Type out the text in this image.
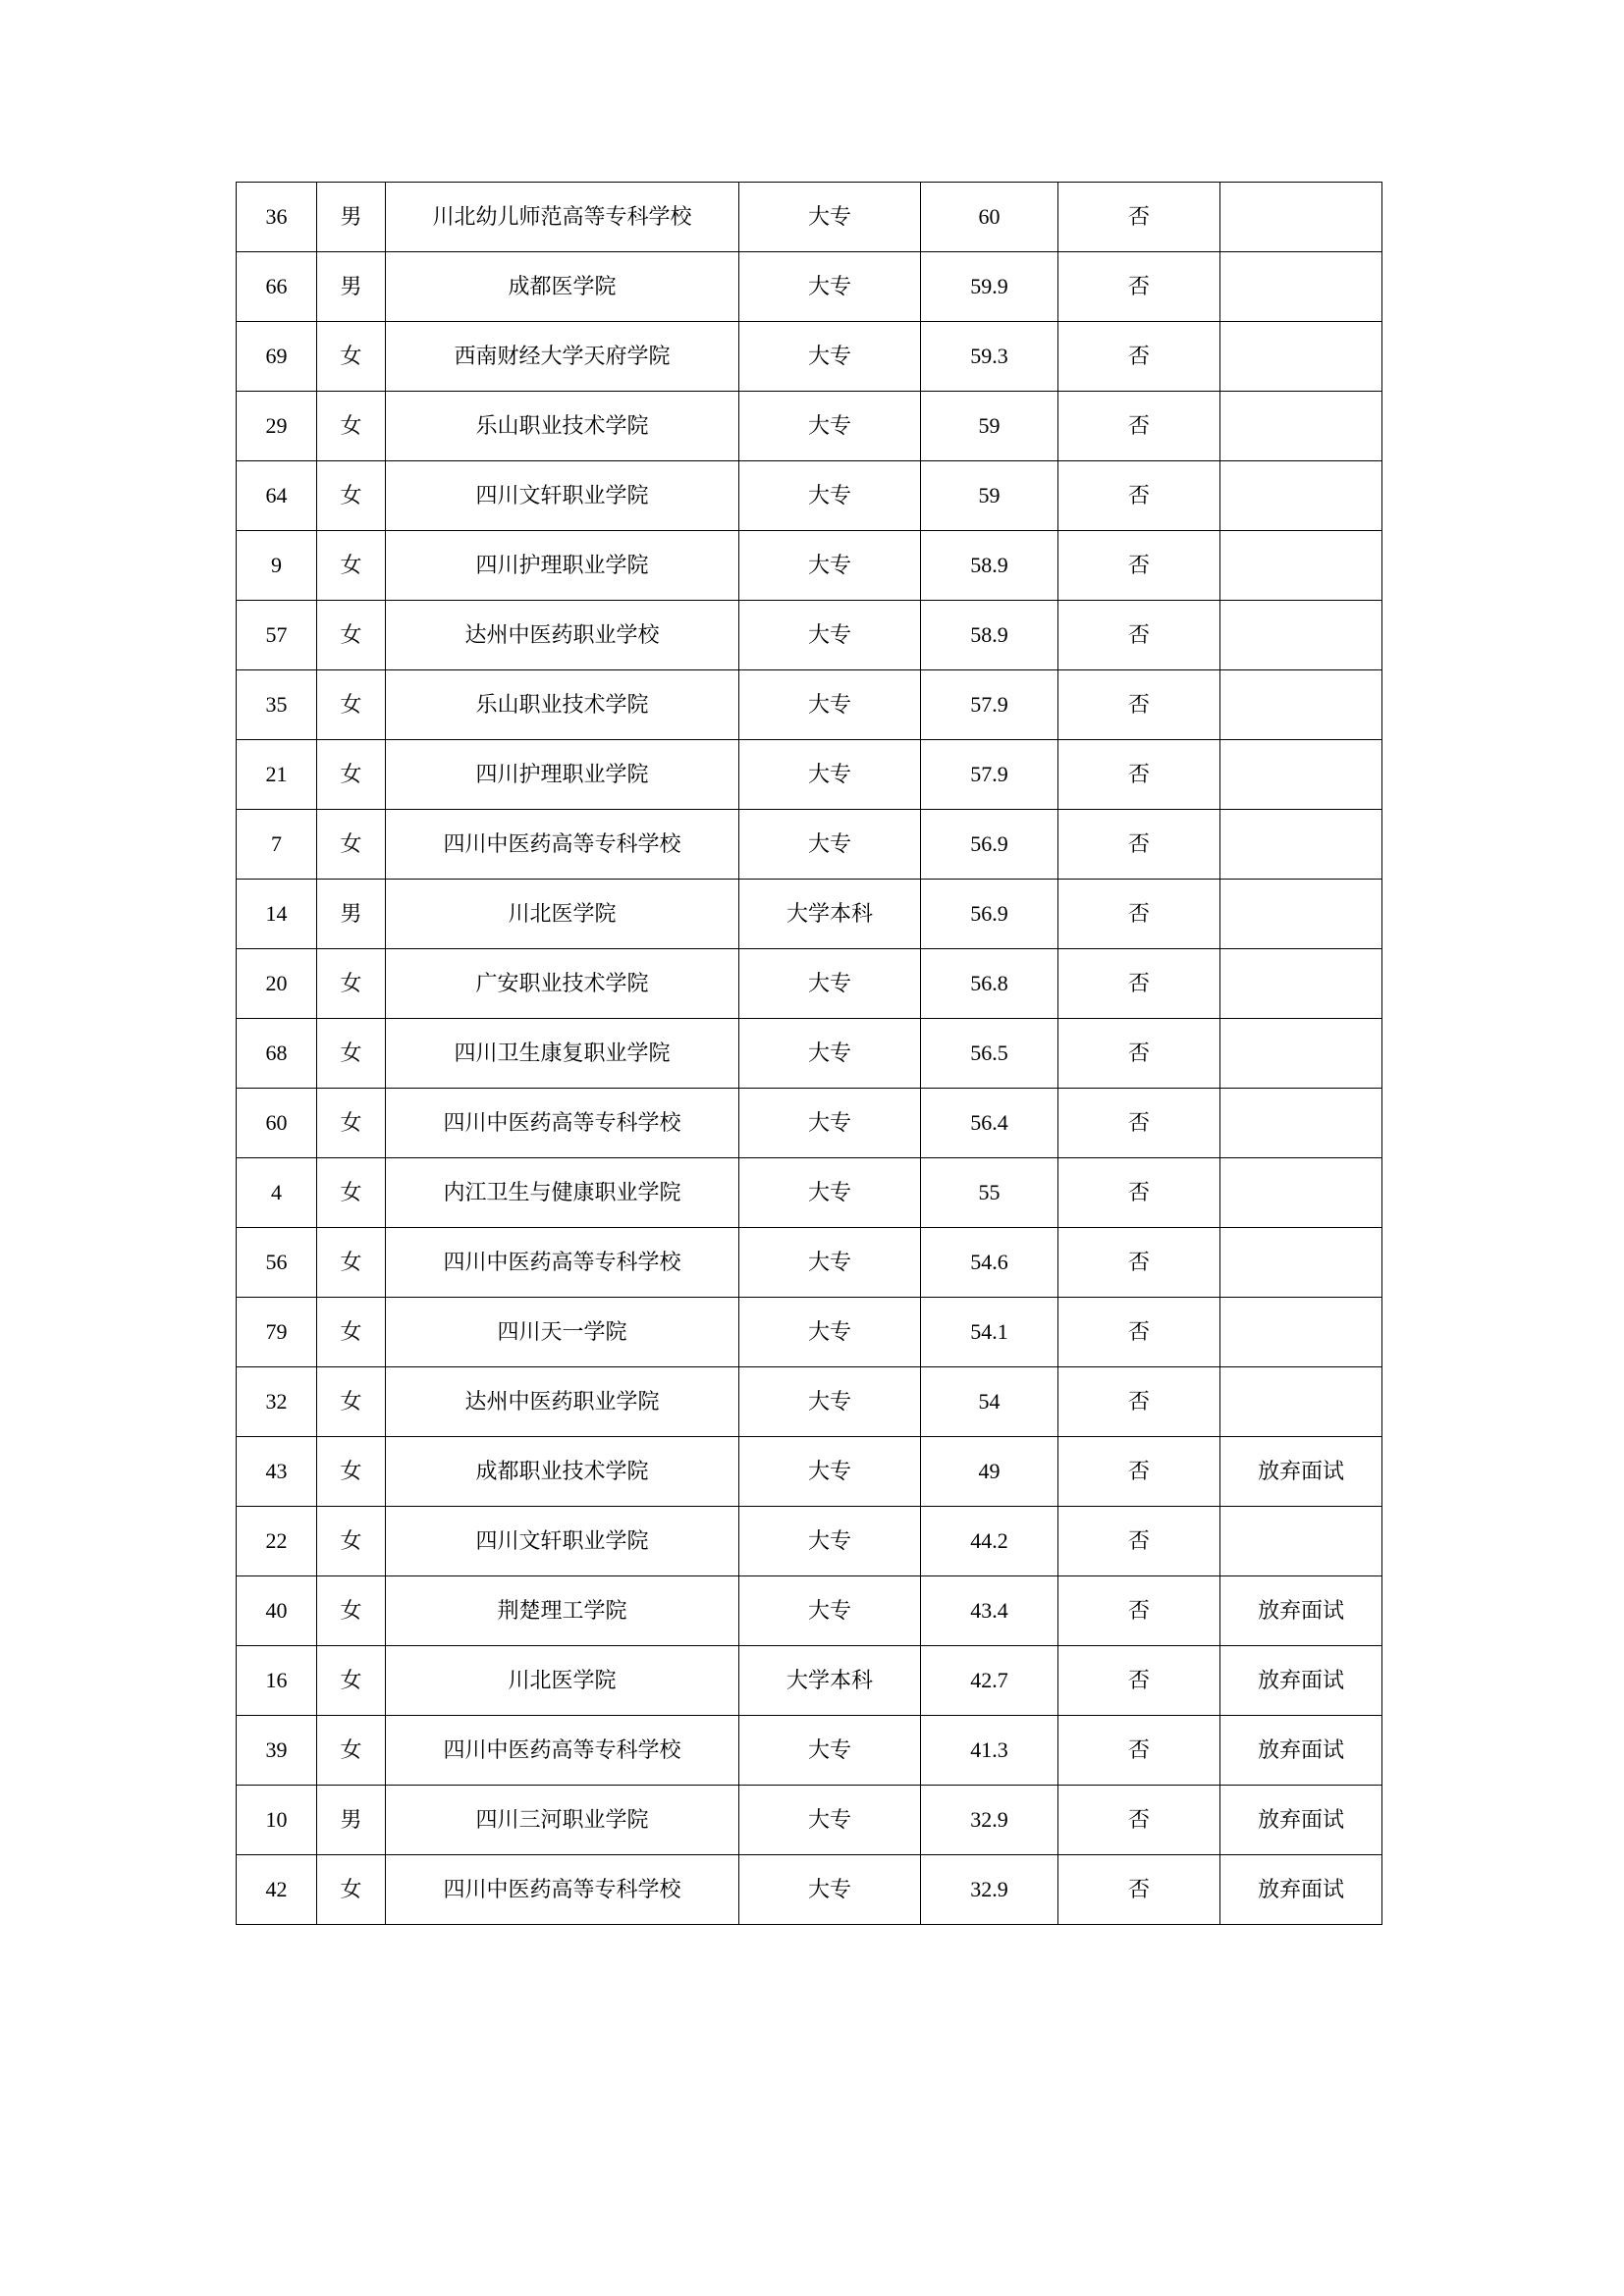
36	男	川北幼儿师范高等专科学校	大专	60	否	
66	男	成都医学院	大专	59.9	否	
69	女	西南财经大学天府学院	大专	59.3	否	
29	女	乐山职业技术学院	大专	59	否	
64	女	四川文轩职业学院	大专	59	否	
9	女	四川护理职业学院	大专	58.9	否	
57	女	达州中医药职业学校	大专	58.9	否	
35	女	乐山职业技术学院	大专	57.9	否	
21	女	四川护理职业学院	大专	57.9	否	
7	女	四川中医药高等专科学校	大专	56.9	否	
14	男	川北医学院	大学本科	56.9	否	
20	女	广安职业技术学院	大专	56.8	否	
68	女	四川卫生康复职业学院	大专	56.5	否	
60	女	四川中医药高等专科学校	大专	56.4	否	
4	女	内江卫生与健康职业学院	大专	55	否	
56	女	四川中医药高等专科学校	大专	54.6	否	
79	女	四川天一学院	大专	54.1	否	
32	女	达州中医药职业学院	大专	54	否	
43	女	成都职业技术学院	大专	49	否	放弃面试
22	女	四川文轩职业学院	大专	44.2	否	
40	女	荆楚理工学院	大专	43.4	否	放弃面试
16	女	川北医学院	大学本科	42.7	否	放弃面试
39	女	四川中医药高等专科学校	大专	41.3	否	放弃面试
10	男	四川三河职业学院	大专	32.9	否	放弃面试
42	女	四川中医药高等专科学校	大专	32.9	否	放弃面试
